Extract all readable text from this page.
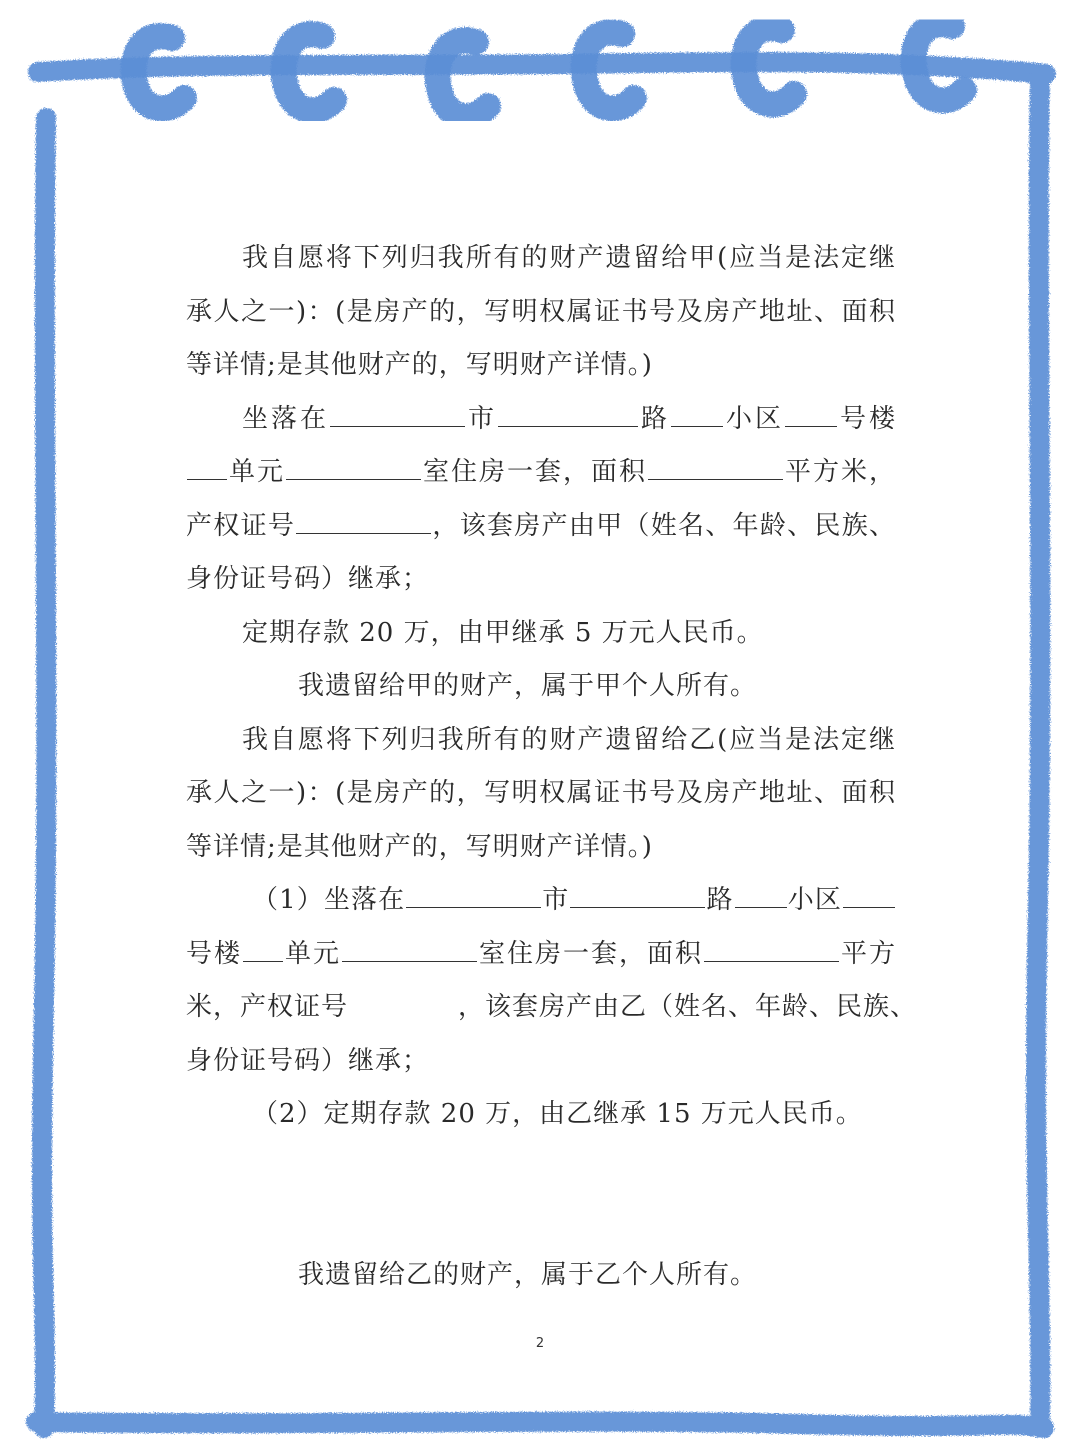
我自愿将下列归我所有的财产遗留给甲(应当是法定继
承人之一)：(是房产的，写明权属证书号及房产地址、面积
等详情;是其他财产的，写明财产详情。)
坐落在	市	路 小区 号楼
单元	室住房一套，面积	平方米，
产权证号	，该套房产由甲（姓名、年龄、民族、
身份证号码）继承；
定期存款 20 万，由甲继承 5 万元人民币。
我遗留给甲的财产，属于甲个人所有。
我自愿将下列归我所有的财产遗留给乙(应当是法定继
承人之一)：(是房产的，写明权属证书号及房产地址、面积
等详情;是其他财产的，写明财产详情。)
（1）坐落在	市	路 小区
号楼 单元	室住房一套，面积	平方
米，产权证号	，该套房产由乙（姓名、年龄、民族、
身份证号码）继承；
（2）定期存款 20 万，由乙继承 15 万元人民币。
我遗留给乙的财产，属于乙个人所有。
2
